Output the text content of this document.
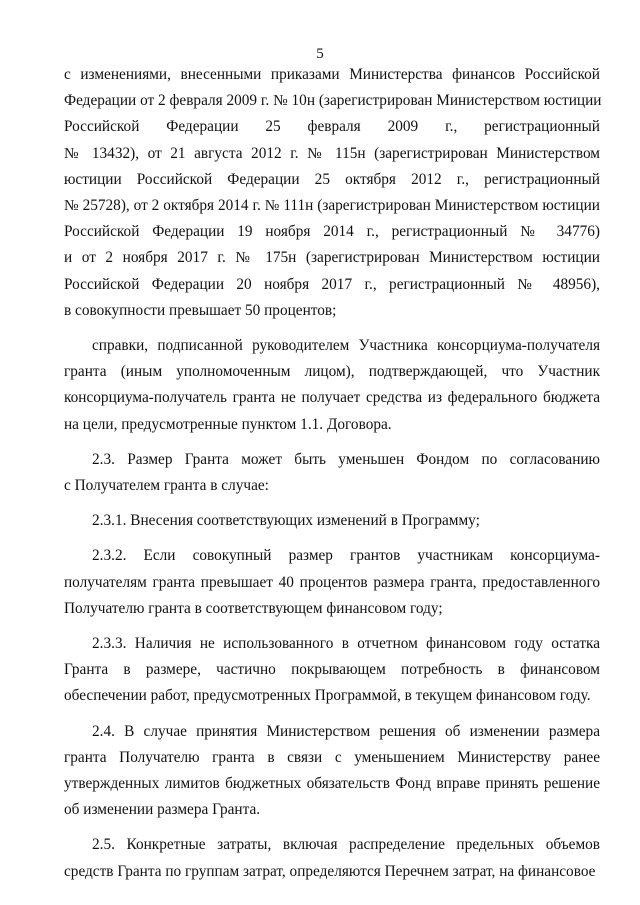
5
с изменениями, внесенными приказами Министерства финансов Российской
Федерации от 2 февраля 2009 г. № 10н (зарегистрирован Министерством юстиции
Российской Федерации 25 февраля 2009 г., регистрационный
№ 13432), от 21 августа 2012 г. № 115н (зарегистрирован Министерством
юстиции Российской Федерации 25 октября 2012 г., регистрационный
№ 25728), от 2 октября 2014 г. № 111н (зарегистрирован Министерством юстиции
Российской Федерации 19 ноября 2014 г., регистрационный № 34776)
и от 2 ноября 2017 г. № 175н (зарегистрирован Министерством юстиции
Российской Федерации 20 ноября 2017 г., регистрационный № 48956),
в совокупности превышает 50 процентов;
справки, подписанной руководителем Участника консорциума-получателя
гранта (иным уполномоченным лицом), подтверждающей, что Участник
консорциума-получатель гранта не получает средства из федерального бюджета
на цели, предусмотренные пунктом 1.1. Договора.
2.3. Размер Гранта может быть уменьшен Фондом по согласованию
с Получателем гранта в случае:
2.3.1. Внесения соответствующих изменений в Программу;
2.3.2. Если совокупный размер грантов участникам консорциума-
получателям гранта превышает 40 процентов размера гранта, предоставленного
Получателю гранта в соответствующем финансовом году;
2.3.3. Наличия не использованного в отчетном финансовом году остатка
Гранта в размере, частично покрывающем потребность в финансовом
обеспечении работ, предусмотренных Программой, в текущем финансовом году.
2.4. В случае принятия Министерством решения об изменении размера
гранта Получателю гранта в связи с уменьшением Министерству ранее
утвержденных лимитов бюджетных обязательств Фонд вправе принять решение
об изменении размера Гранта.
2.5. Конкретные затраты, включая распределение предельных объемов
средств Гранта по группам затрат, определяются Перечнем затрат, на финансовое
